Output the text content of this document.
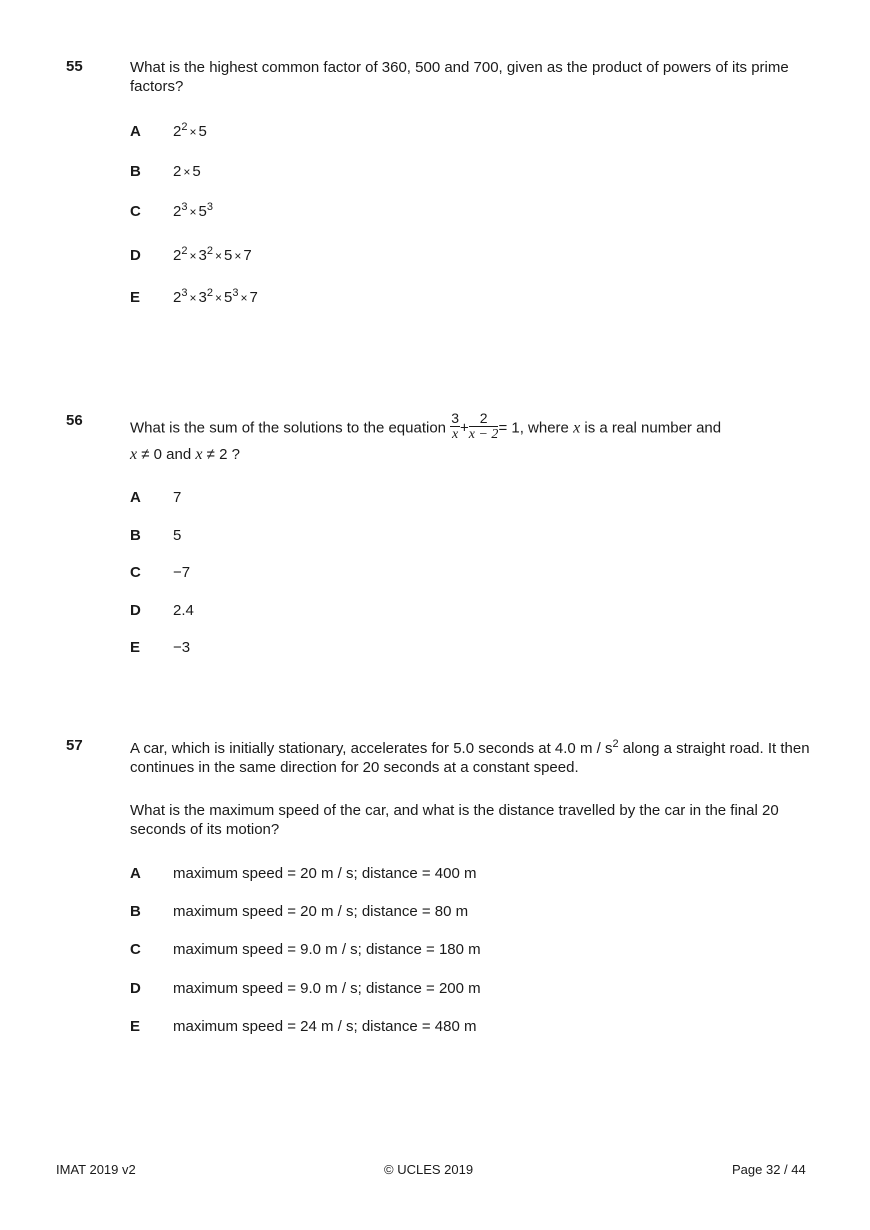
55	What is the highest common factor of 360, 500 and 700, given as the product of powers of its prime factors?
A	$2^2 \times 5$
B	2 × 5
C	$2^3 \times 5^3$
D	$2^2 \times 3^2 \times 5 \times 7$
E	$2^3 \times 3^2 \times 5^3 \times 7$
56	What is the sum of the solutions to the equation $\frac{3}{x} + \frac{2}{x - 2} = 1$, where x is a real number and
x ≠ 0 and x ≠ 2 ?
A	7
B	5
C	−7
D	2.4
E	−3
57	A car, which is initially stationary, accelerates for 5.0 seconds at 4.0 m / $s^2$ along a straight road. It then continues in the same direction for 20 seconds at a constant speed.
What is the maximum speed of the car, and what is the distance travelled by the car in the final 20 seconds of its motion?
A	maximum speed = 20 m / s; distance = 400 m
B	maximum speed = 20 m / s; distance = 80 m
C	maximum speed = 9.0 m / s; distance = 180 m
D	maximum speed = 9.0 m / s; distance = 200 m
E	maximum speed = 24 m / s; distance = 480 m
IMAT 2019 v2	© UCLES 2019	Page 32 / 44
